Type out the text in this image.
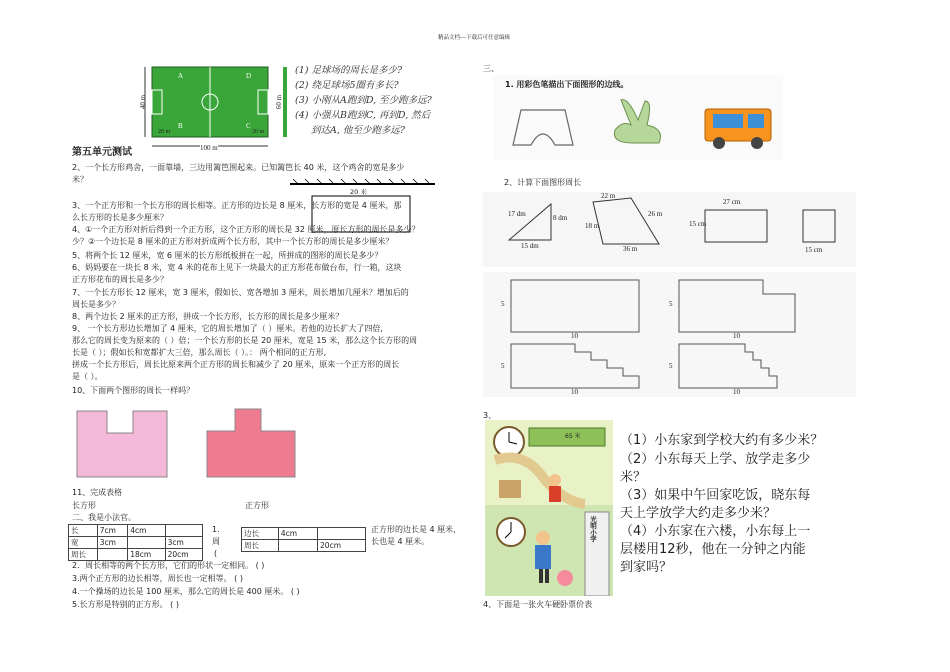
精品文档---下载后可任意编辑
A
B
D
C
20 m	20 m
100 m
40 m	60 m
(1) 足球场的周长是多少?
(2) 绕足球场5圈有多长?
(3) 小刚从A跑到D, 至少跑多远?
(4) 小强从B跑到C, 再到D, 然后
到达A, 他至少跑多远?
第五单元测试
2、一个长方形鸡舍，一面靠墙，三边用篱笆围起来。已知篱笆长 40 米，这个鸡舍的宽是多少
米？
20 米
3、一个正方形和一个长方形的周长相等。正方形的边长是 8 厘米，长方形的宽是 4 厘米，那
么长方形的长是多少厘米？
4、①一个正方形对折后得到一个正方形，这个正方形的周长是 32 厘米，原长方形的周长是多少？
少？②一个边长是 8 厘米的正方形对折成两个长方形，其中一个长方形的周长是多少厘米？
5、将两个长 12 厘米，宽 6 厘米的长方形纸板拼在一起，所拼成的图形的周长是多少？
6、妈妈要在一块长 8 米，宽 4 米的花布上见下一块最大的正方形花布做台布，行一箱，这块
正方形花布的周长是多少？
7、一个长方形长 12 厘米，宽 3 厘米，假如长、宽各增加 3 厘米，周长增加几厘米？增加后的
周长是多少？
8、两个边长 2 厘米的正方形，拼成一个长方形，长方形的周长是多少厘米？
9、 一个长方形边长增加了 4 厘米，它的周长增加了（ ）厘米。若他的边长扩大了四倍,
那么它的周长变为原来的（ ）倍；一个长方形的长是 20 厘米，宽是 15 米，那么这个长方形的周
长是（ ）；假如长和宽都扩大三倍，那么周长（ ）。： 两个相同的正方形,
拼成一个长方形后，周长比原来两个正方形的周长和减少了 20 厘米，原来一个正方形的周长
是（ ）。
10、下面两个图形的周长一样吗？
11、完成表格
长方形	正方形
二、我是小法官。
长	7cm	4cm	
宽	3cm		3cm
周长		18cm	20cm
1.
周
(
边长	4cm	
周长		20cm
正方形的边长是 4 厘米，
长也是 4 厘米。
2．周长相等的两个长方形，它们的形状一定相同。 ( )
3.两个正方形的边长相等，周长也一定相等。 ( )
4.一个操场的边长是 100 厘米，那么它的周长是 400 厘米。 ( )
5.长方形是特别的正方形。 ( )
三、
1. 用彩色笔描出下面图形的边线。
2、计算下面图形周长
17 dm	8 dm
15 dm
22 m
26 m
18 m
36 m
27 cm
15 cm
15 cm
5
10
5
10
5
10
5
10
3、
65 米
光明小学
（1）小东家到学校大约有多少米？
（2）小东每天上学、放学走多少
米？
（3）如果中午回家吃饭，晓东每
天上学放学大约走多少米？
（4）小东家在六楼，小东每上一
层楼用12秒，他在一分钟之内能
到家吗？
4、下面是一张火车硬卧票价表
